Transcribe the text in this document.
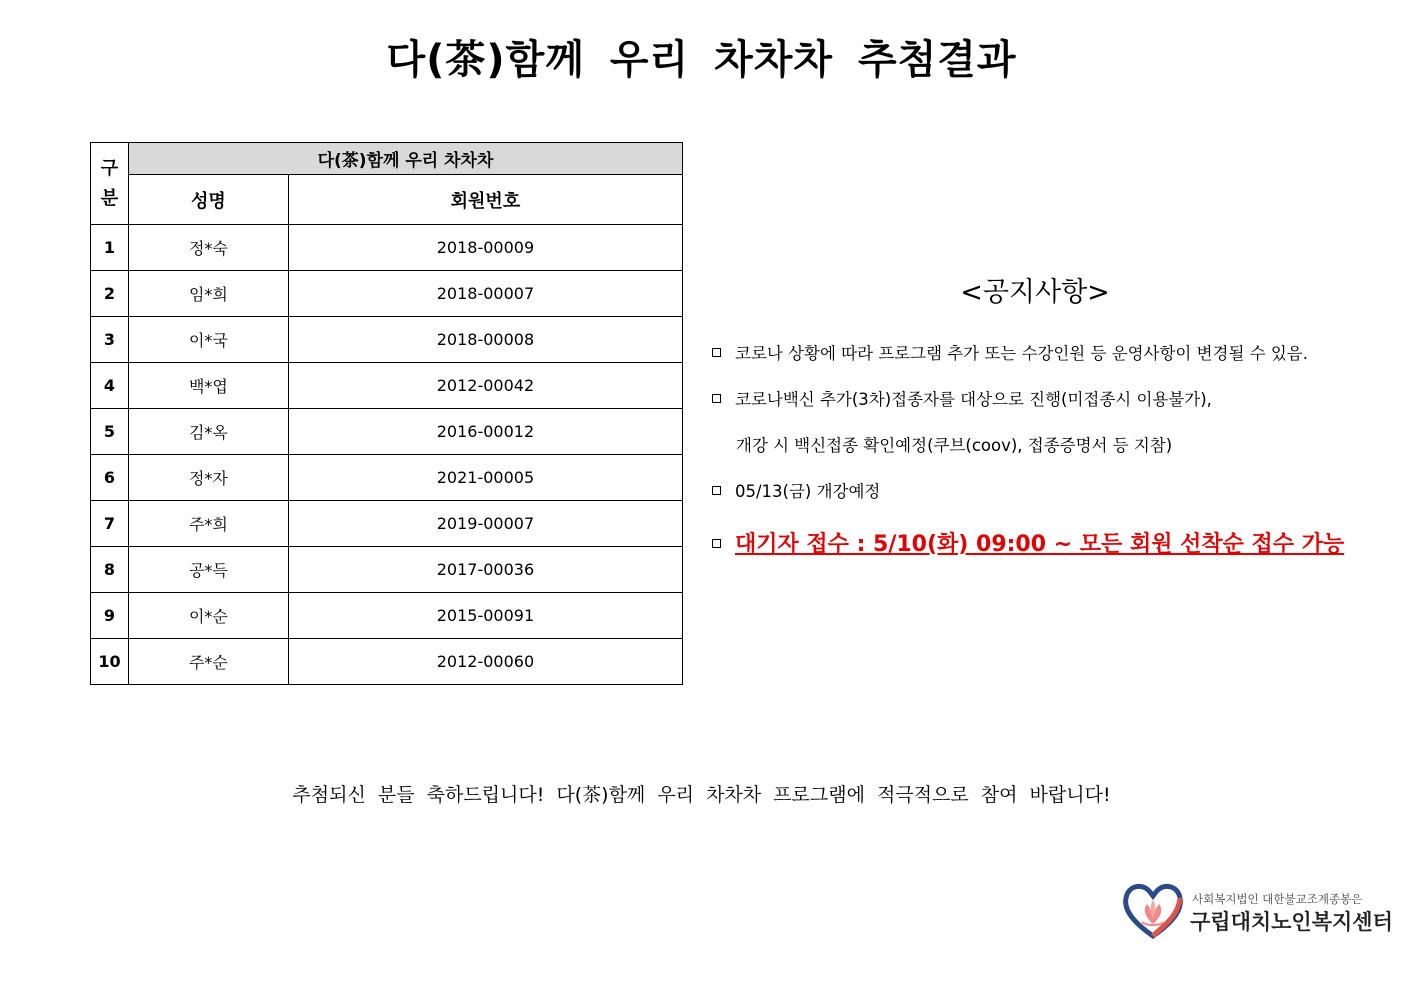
다(茶)함께 우리 차차차 추첨결과
구분	다(茶)함께 우리 차차차	
	성명	회원번호
1	정*숙	2018-00009
2	임*희	2018-00007
3	이*국	2018-00008
4	백*엽	2012-00042
5	김*옥	2016-00012
6	정*자	2021-00005
7	주*희	2019-00007
8	공*득	2017-00036
9	이*순	2015-00091
10	주*순	2012-00060
<공지사항>
코로나 상황에 따라 프로그램 추가 또는 수강인원 등 운영사항이 변경될 수 있음.
코로나백신 추가(3차)접종자를 대상으로 진행(미접종시 이용불가),
개강 시 백신접종 확인예정(쿠브(coov), 접종증명서 등 지참)
05/13(금) 개강예정
대기자 접수 : 5/10(화) 09:00 ~ 모든 회원 선착순 접수 가능
추첨되신 분들 축하드립니다! 다(茶)함께 우리 차차차 프로그램에 적극적으로 참여 바랍니다!
사회복지법인 대한불교조계종봉은
구립대치노인복지센터
